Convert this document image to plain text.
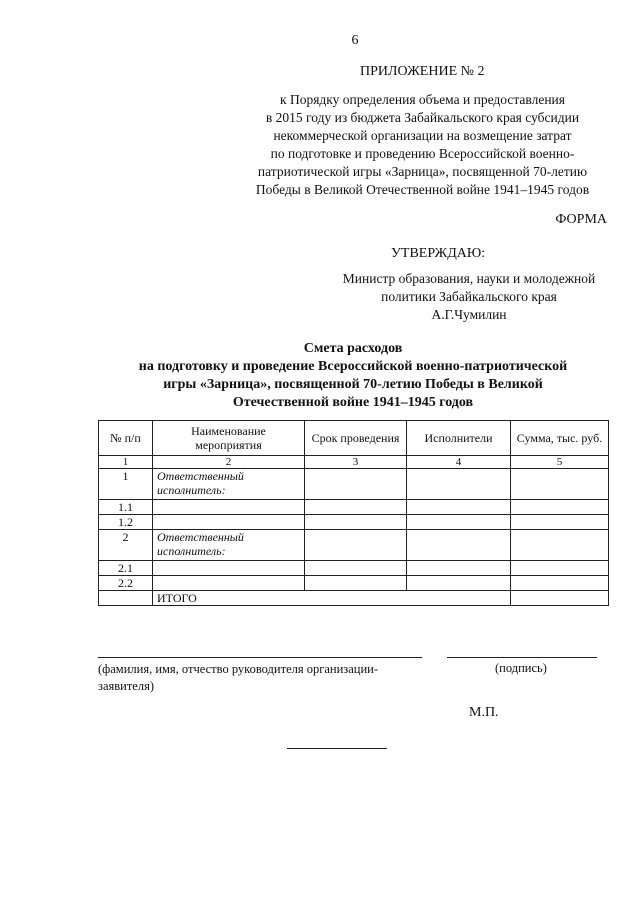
6
ПРИЛОЖЕНИЕ № 2
к Порядку определения объема и предоставления
в 2015 году из бюджета Забайкальского края субсидии
некоммерческой организации на возмещение затрат
по подготовке и проведению Всероссийской военно-
патриотической игры «Зарница», посвященной 70-летию
Победы в Великой Отечественной войне 1941–1945 годов
ФОРМА
УТВЕРЖДАЮ:
Министр образования, науки и молодежной
политики Забайкальского края
А.Г.Чумилин
Смета расходов
на подготовку и проведение Всероссийской военно-патриотической
игры «Зарница», посвященной 70-летию Победы в Великой
Отечественной войне 1941–1945 годов
№ п/п	Наименование мероприятия	Срок проведения	Исполнители	Сумма, тыс. руб.
1	2	3	4	5
1	Ответственный исполнитель:			
1.1				
1.2				
2	Ответственный исполнитель:			
2.1				
2.2				
	ИТОГО			
(фамилия, имя, отчество руководителя организации-заявителя)
(подпись)
М.П.
